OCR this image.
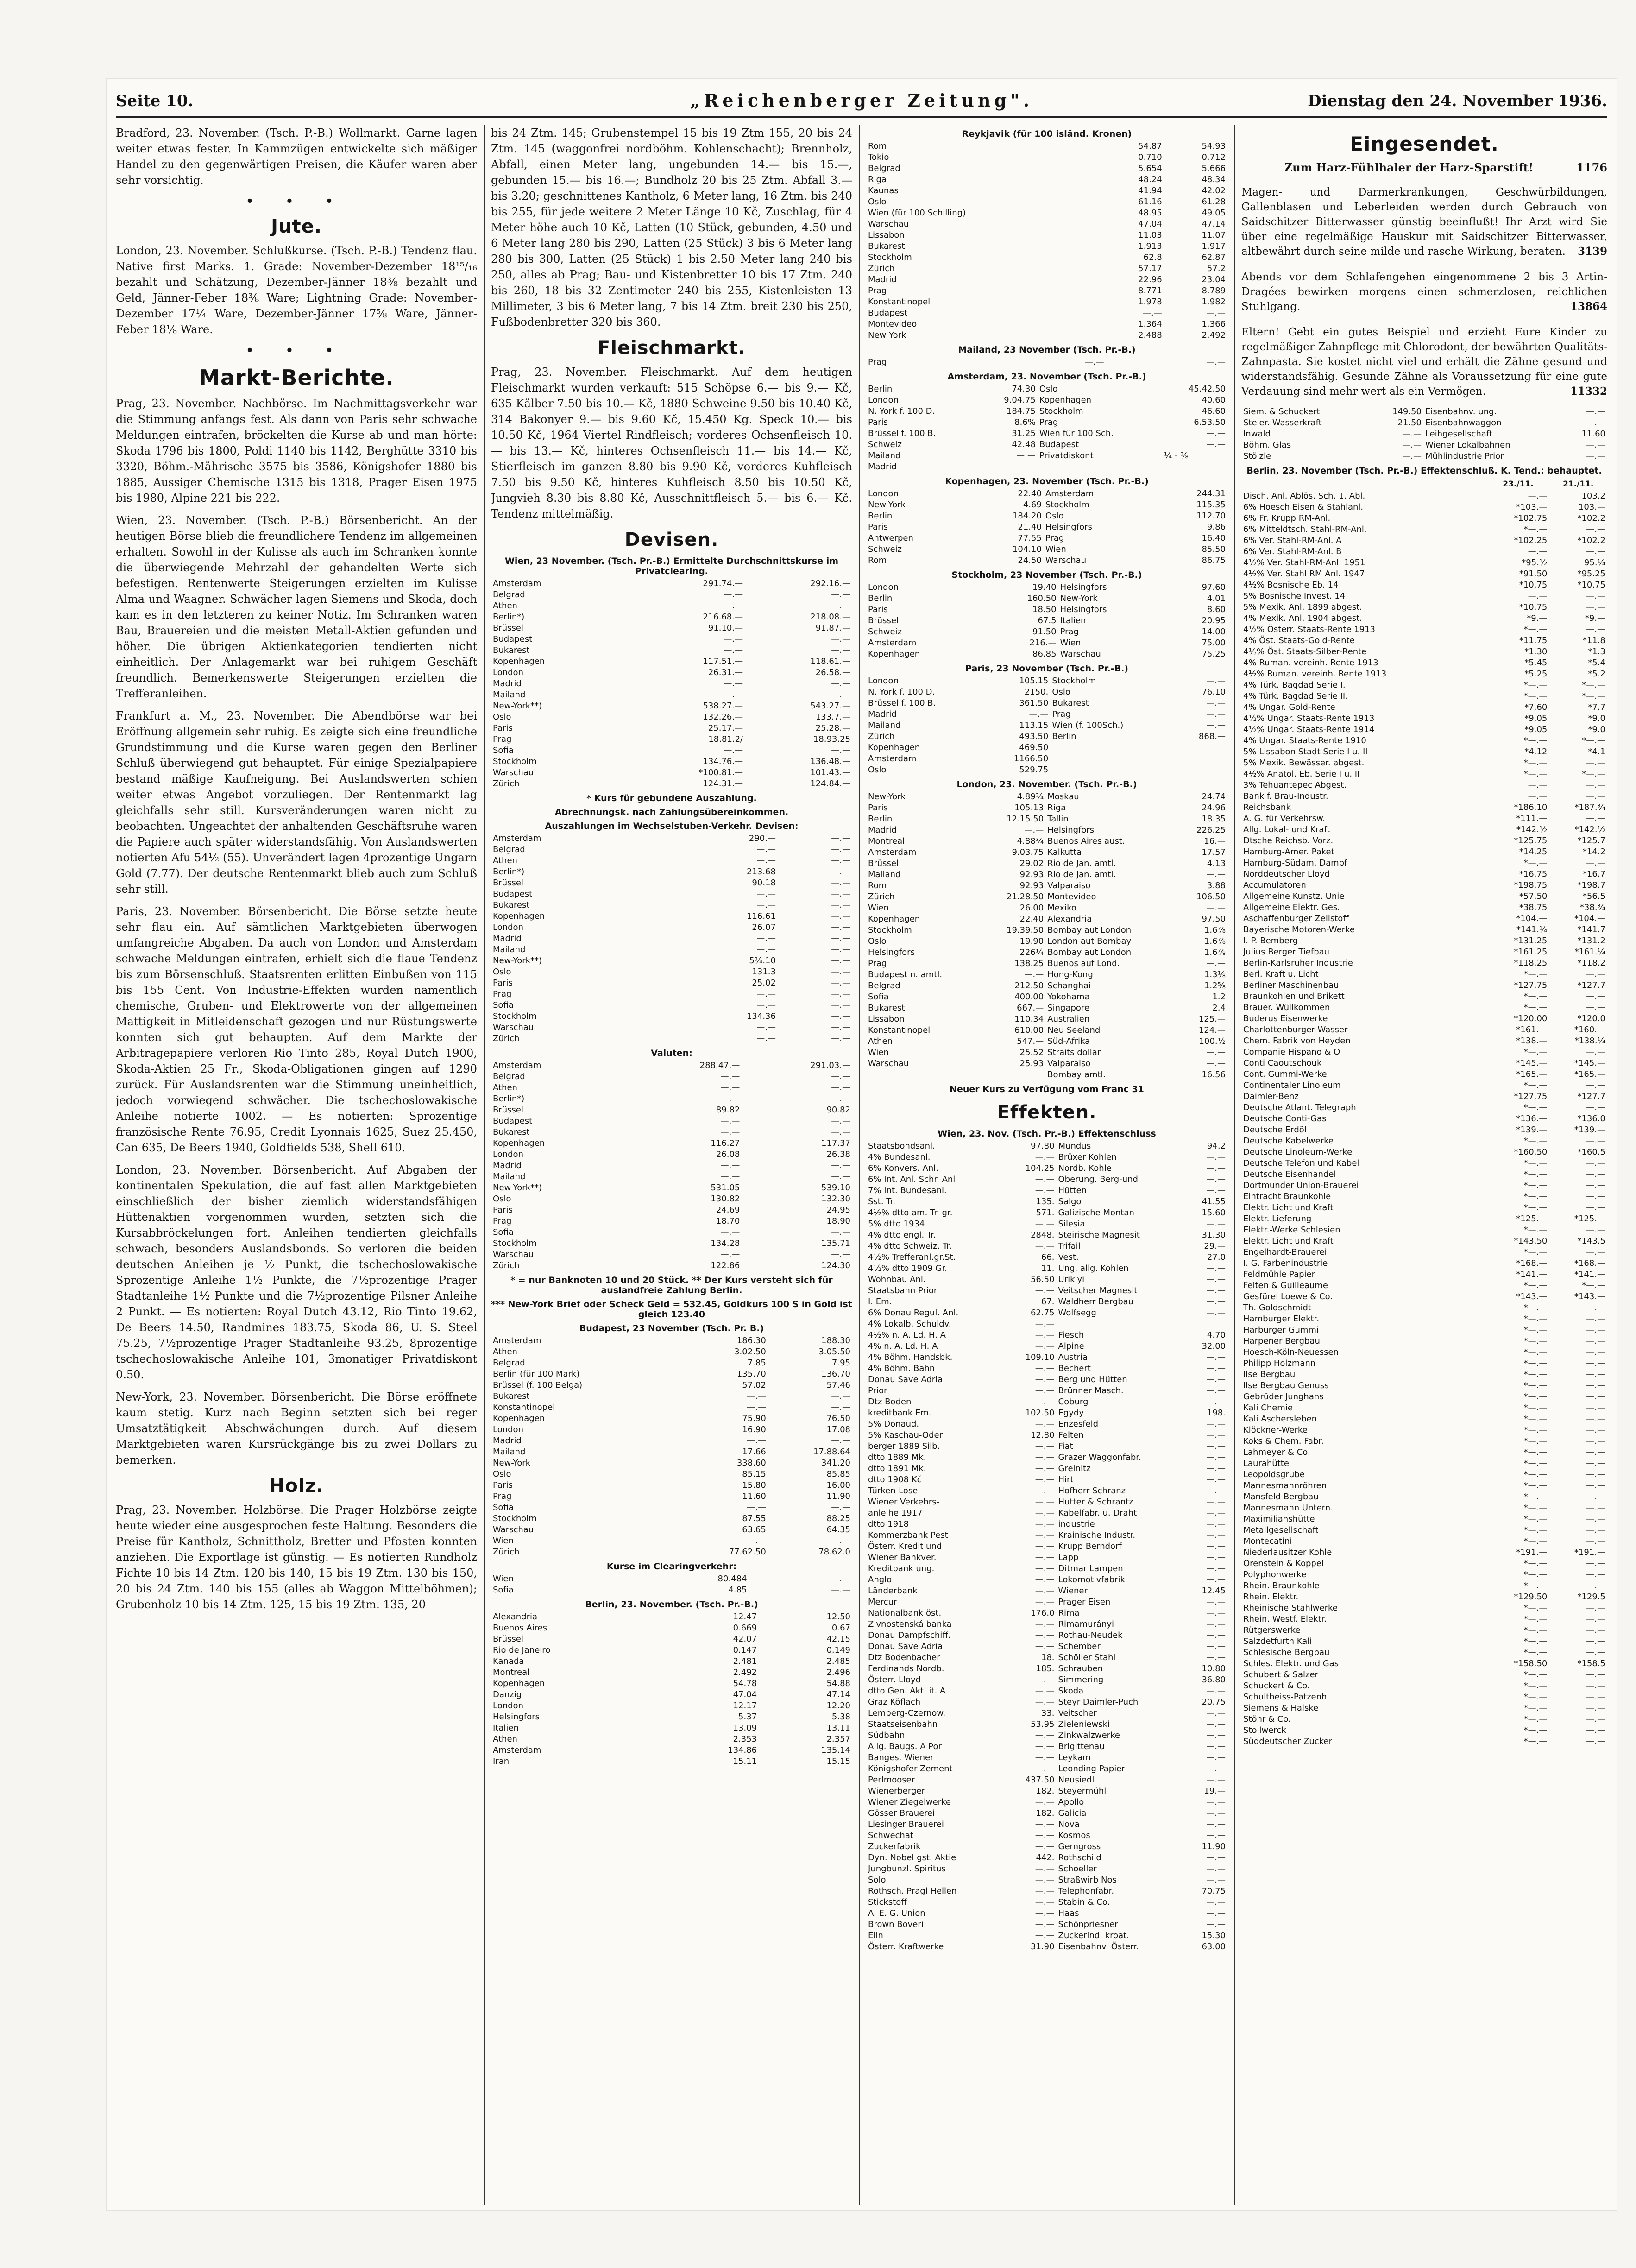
Seite 10.	„Reichenberger Zeitung".	Dienstag den 24. November 1936.

Bradford, 23. November. (Tsch. P.-B.) Wollmarkt. Garne lagen weiter etwas fester. In Kammzügen entwickelte sich mäßiger Handel zu den gegenwärtigen Preisen, die Käufer waren aber sehr vorsichtig.

• • •
Jute.

London, 23. November. Schlußkurse. (Tsch. P.-B.) Tendenz flau. Native first Marks. 1. Grade: November-Dezember 18¹⁵/₁₆ bezahlt und Schätzung, Dezember-Jänner 18⅜ bezahlt und Geld, Jänner-Feber 18⅜ Ware; Lightning Grade: November-Dezember 17¼ Ware, Dezember-Jänner 17⅝ Ware, Jänner-Feber 18⅛ Ware.

• • •
Markt-Berichte.

Prag, 23. November. Nachbörse. Im Nachmittagsverkehr war die Stimmung anfangs fest. Als dann von Paris sehr schwache Meldungen eintrafen, bröckelten die Kurse ab und man hörte: Skoda 1796 bis 1800, Poldi 1140 bis 1142, Berghütte 3310 bis 3320, Böhm.-Mährische 3575 bis 3586, Königshofer 1880 bis 1885, Aussiger Chemische 1315 bis 1318, Prager Eisen 1975 bis 1980, Alpine 221 bis 222.

Wien, 23. November. (Tsch. P.-B.) Börsenbericht. An der heutigen Börse blieb die freundlichere Tendenz im allgemeinen erhalten. Sowohl in der Kulisse als auch im Schranken konnte die überwiegende Mehrzahl der gehandelten Werte sich befestigen. Rentenwerte Steigerungen erzielten im Kulisse Alma und Waagner. Schwächer lagen Siemens und Skoda, doch kam es in den letzteren zu keiner Notiz. Im Schranken waren Bau, Brauereien und die meisten Metall-Aktien gefunden und höher. Die übrigen Aktienkategorien tendierten nicht einheitlich. Der Anlagemarkt war bei ruhigem Geschäft freundlich. Bemerkenswerte Steigerungen erzielten die Trefferanleihen.

Frankfurt a. M., 23. November. Die Abendbörse war bei Eröffnung allgemein sehr ruhig. Es zeigte sich eine freundliche Grundstimmung und die Kurse waren gegen den Berliner Schluß überwiegend gut behauptet. Für einige Spezialpapiere bestand mäßige Kaufneigung. Bei Auslandswerten schien weiter etwas Angebot vorzuliegen. Der Rentenmarkt lag gleichfalls sehr still. Kursveränderungen waren nicht zu beobachten. Ungeachtet der anhaltenden Geschäftsruhe waren die Papiere auch später widerstandsfähig. Von Auslandswerten notierten Afu 54½ (55). Unverändert lagen 4prozentige Ungarn Gold (7.77). Der deutsche Rentenmarkt blieb auch zum Schluß sehr still.

Paris, 23. November. Börsenbericht. Die Börse setzte heute sehr flau ein. Auf sämtlichen Marktgebieten überwogen umfangreiche Abgaben. Da auch von London und Amsterdam schwache Meldungen eintrafen, erhielt sich die flaue Tendenz bis zum Börsenschluß. Staatsrenten erlitten Einbußen von 115 bis 155 Cent. Von Industrie-Effekten wurden namentlich chemische, Gruben- und Elektrowerte von der allgemeinen Mattigkeit in Mitleidenschaft gezogen und nur Rüstungswerte konnten sich gut behaupten. Auf dem Markte der Arbitragepapiere verloren Rio Tinto 285, Royal Dutch 1900, Skoda-Aktien 25 Fr., Skoda-Obligationen gingen auf 1290 zurück. Für Auslandsrenten war die Stimmung uneinheitlich, jedoch vorwiegend schwächer. Die tschechoslowakische Anleihe notierte 1002. — Es notierten: Sprozentige französische Rente 76.95, Credit Lyonnais 1625, Suez 25.450, Can 635, De Beers 1940, Goldfields 538, Shell 610.

London, 23. November. Börsenbericht. Auf Abgaben der kontinentalen Spekulation, die auf fast allen Marktgebieten einschließlich der bisher ziemlich widerstandsfähigen Hüttenaktien vorgenommen wurden, setzten sich die Kursabbröckelungen fort. Anleihen tendierten gleichfalls schwach, besonders Auslandsbonds. So verloren die beiden deutschen Anleihen je ½ Punkt, die tschechoslowakische Sprozentige Anleihe 1½ Punkte, die 7½prozentige Prager Stadtanleihe 1½ Punkte und die 7½prozentige Pilsner Anleihe 2 Punkt. — Es notierten: Royal Dutch 43.12, Rio Tinto 19.62, De Beers 14.50, Randmines 183.75, Skoda 86, U. S. Steel 75.25, 7½prozentige Prager Stadtanleihe 93.25, 8prozentige tschechoslowakische Anleihe 101, 3monatiger Privatdiskont 0.50.

New-York, 23. November. Börsenbericht. Die Börse eröffnete kaum stetig. Kurz nach Beginn setzten sich bei reger Umsatztätigkeit Abschwächungen durch. Auf diesem Marktgebieten waren Kursrückgänge bis zu zwei Dollars zu bemerken.

Holz.

Prag, 23. November. Holzbörse. Die Prager Holzbörse zeigte heute wieder eine ausgesprochen feste Haltung. Besonders die Preise für Kantholz, Schnittholz, Bretter und Pfosten konnten anziehen. Die Exportlage ist günstig. — Es notierten Rundholz Fichte 10 bis 14 Ztm. 120 bis 140, 15 bis 19 Ztm. 130 bis 150, 20 bis 24 Ztm. 140 bis 155 (alles ab Waggon Mittelböhmen); Grubenholz 10 bis 14 Ztm. 125, 15 bis 19 Ztm. 135, 20

bis 24 Ztm. 145; Grubenstempel 15 bis 19 Ztm 155, 20 bis 24 Ztm. 145 (waggonfrei nordböhm. Kohlenschacht); Brennholz, Abfall, einen Meter lang, ungebunden 14.— bis 15.—, gebunden 15.— bis 16.—; Bundholz 20 bis 25 Ztm. Abfall 3.— bis 3.20; geschnittenes Kantholz, 6 Meter lang, 16 Ztm. bis 240 bis 255, für jede weitere 2 Meter Länge 10 Kč, Zuschlag, für 4 Meter höhe auch 10 Kč, Latten (10 Stück, gebunden, 4.50 und 6 Meter lang 280 bis 290, Latten (25 Stück) 3 bis 6 Meter lang 280 bis 300, Latten (25 Stück) 1 bis 2.50 Meter lang 240 bis 250, alles ab Prag; Bau- und Kistenbretter 10 bis 17 Ztm. 240 bis 260, 18 bis 32 Zentimeter 240 bis 255, Kistenleisten 13 Millimeter, 3 bis 6 Meter lang, 7 bis 14 Ztm. breit 230 bis 250, Fußbodenbretter 320 bis 360.

Fleischmarkt.

Prag, 23. November. Fleischmarkt. Auf dem heutigen Fleischmarkt wurden verkauft: 515 Schöpse 6.— bis 9.— Kč, 635 Kälber 7.50 bis 10.— Kč, 1880 Schweine 9.50 bis 10.40 Kč, 314 Bakonyer 9.— bis 9.60 Kč, 15.450 Kg. Speck 10.— bis 10.50 Kč, 1964 Viertel Rindfleisch; vorderes Ochsenfleisch 10.— bis 13.— Kč, hinteres Ochsenfleisch 11.— bis 14.— Kč, Stierfleisch im ganzen 8.80 bis 9.90 Kč, vorderes Kuhfleisch 7.50 bis 9.50 Kč, hinteres Kuhfleisch 8.50 bis 10.50 Kč, Jungvieh 8.30 bis 8.80 Kč, Ausschnittfleisch 5.— bis 6.— Kč. Tendenz mittelmäßig.

Devisen.
Wien, 23 November. (Tsch. Pr.-B.) Ermittelte Durchschnittskurse im Privatclearing.
Amsterdam	291.74.—	292.16.—
Belgrad	—.—	—.—
Athen	—.—	—.—
Berlin*)	216.68.—	218.08.—
Brüssel	91.10.—	91.87.—
Budapest	—.—	—.—
Bukarest	—.—	—.—
Kopenhagen	117.51.—	118.61.—
London	26.31.—	26.58.—
Madrid	—.—	—.—
Mailand	—.—	—.—
New-York**)	538.27.—	543.27.—
Oslo	132.26.—	133.7.—
Paris	25.17.—	25.28.—
Prag	18.81.2/	18.93.25
Sofia	—.—	—.—
Stockholm	134.76.—	136.48.—
Warschau	*100.81.—	101.43.—
Zürich	124.31.—	124.84.—
* Kurs für gebundene Auszahlung.
Abrechnungsk. nach Zahlungsübereinkommen.
Auszahlungen im Wechselstuben-Verkehr. Devisen:
Amsterdam	290.—	—.—
Belgrad	—.—	—.—
Athen	—.—	—.—
Berlin*)	213.68	—.—
Brüssel	90.18	—.—
Budapest	—.—	—.—
Bukarest	—.—	—.—
Kopenhagen	116.61	—.—
London	26.07	—.—
Madrid	—.—	—.—
Mailand	—.—	—.—
New-York**)	5¾.10	—.—
Oslo	131.3	—.—
Paris	25.02	—.—
Prag	—.—	—.—
Sofia	—.—	—.—
Stockholm	134.36	—.—
Warschau	—.—	—.—
Zürich	—.—	—.—
Valuten:
Amsterdam	288.47.—	291.03.—
Belgrad	—.—	—.—
Athen	—.—	—.—
Berlin*)	—.—	—.—
Brüssel	89.82	90.82
Budapest	—.—	—.—
Bukarest	—.—	—.—
Kopenhagen	116.27	117.37
London	26.08	26.38
Madrid	—.—	—.—
Mailand	—.—	—.—
New-York**)	531.05	539.10
Oslo	130.82	132.30
Paris	24.69	24.95
Prag	18.70	18.90
Sofia	—.—	—.—
Stockholm	134.28	135.71
Warschau	—.—	—.—
Zürich	122.86	124.30
* = nur Banknoten 10 und 20 Stück. ** Der Kurs versteht sich für auslandfreie Zahlung Berlin.
*** New-York Brief oder Scheck Geld = 532.45, Goldkurs 100 S in Gold ist gleich 123.40
Budapest, 23 November (Tsch. Pr. B.)
Amsterdam	186.30	188.30
Athen	3.02.50	3.05.50
Belgrad	7.85	7.95
Berlin (für 100 Mark)	135.70	136.70
Brüssel (f. 100 Belga)	57.02	57.46
Bukarest	—.—	—.—
Konstantinopel	—.—	—.—
Kopenhagen	75.90	76.50
London	16.90	17.08
Madrid	—.—	—.—
Mailand	17.66	17.88.64
New-York	338.60	341.20
Oslo	85.15	85.85
Paris	15.80	16.00
Prag	11.60	11.90
Sofia	—.—	—.—
Stockholm	87.55	88.25
Warschau	63.65	64.35
Wien	—.—	—.—
Zürich	77.62.50	78.62.0
Kurse im Clearingverkehr:
Wien	80.484	—.—
Sofia	4.85	—.—
Berlin, 23. November. (Tsch. Pr.-B.)
Alexandria	12.47	12.50
Buenos Aires	0.669	0.67
Brüssel	42.07	42.15
Rio de Janeiro	0.147	0.149
Kanada	2.481	2.485
Montreal	2.492	2.496
Kopenhagen	54.78	54.88
Danzig	47.04	47.14
London	12.17	12.20
Helsingfors	5.37	5.38
Italien	13.09	13.11
Athen	2.353	2.357
Amsterdam	134.86	135.14
Iran	15.11	15.15
Reykjavik (für 100 isländ. Kronen)
Rom	54.87	54.93
Tokio	0.710	0.712
Belgrad	5.654	5.666
Riga	48.24	48.34
Kaunas	41.94	42.02
Oslo	61.16	61.28
Wien (für 100 Schilling)	48.95	49.05
Warschau	47.04	47.14
Lissabon	11.03	11.07
Bukarest	1.913	1.917
Stockholm	62.8	62.87
Zürich	57.17	57.2
Madrid	22.96	23.04
Prag	8.771	8.789
Konstantinopel	1.978	1.982
Budapest	—.—	—.—
Montevideo	1.364	1.366
New York	2.488	2.492
Mailand, 23 November (Tsch. Pr.-B.)
Prag	—.—	—.—
Amsterdam, 23. November (Tsch. Pr.-B.)
Berlin	74.30	Oslo	45.42.50
London	9.04.75	Kopenhagen	40.60
N. York f. 100 D.	184.75	Stockholm	46.60
Paris	8.6%	Prag	6.53.50
Brüssel f. 100 B.	31.25	Wien für 100 Sch.	—.—
Schweiz	42.48	Budapest	—.—
Mailand	—.—	Privatdiskont	¼ - ⅜
Madrid	—.—		
Kopenhagen, 23. November (Tsch. Pr.-B.)
London	22.40	Amsterdam	244.31
New-York	4.69	Stockholm	115.35
Berlin	184.20	Oslo	112.70
Paris	21.40	Helsingfors	9.86
Antwerpen	77.55	Prag	16.40
Schweiz	104.10	Wien	85.50
Rom	24.50	Warschau	86.75
Stockholm, 23 November (Tsch. Pr.-B.)
London	19.40	Helsingfors	97.60
Berlin	160.50	New-York	4.01
Paris	18.50	Helsingfors	8.60
Brüssel	67.5	Italien	20.95
Schweiz	91.50	Prag	14.00
Amsterdam	216.—	Wien	75.00
Kopenhagen	86.85	Warschau	75.25
Paris, 23 November (Tsch. Pr.-B.)
London	105.15	Stockholm	—.—
N. York f. 100 D.	2150.	Oslo	76.10
Brüssel f. 100 B.	361.50	Bukarest	—.—
Madrid	—.—	Prag	—.—
Mailand	113.15	Wien (f. 100Sch.)	—.—
Zürich	493.50	Berlin	868.—
Kopenhagen	469.50		
Amsterdam	1166.50		
Oslo	529.75		
London, 23. November. (Tsch. Pr.-B.)
New-York	4.89¾	Moskau	24.74
Paris	105.13	Riga	24.96
Berlin	12.15.50	Tallin	18.35
Madrid	—.—	Helsingfors	226.25
Montreal	4.88¾	Buenos Aires aust.	16.—
Amsterdam	9.03.75	Kalkutta	17.57
Brüssel	29.02	Rio de Jan. amtl.	4.13
Mailand	92.93	Rio de Jan. amtl.	—.—
Rom	92.93	Valparaiso	3.88
Zürich	21.28.50	Montevideo	106.50
Wien	26.00	Mexiko	—.—
Kopenhagen	22.40	Alexandria	97.50
Stockholm	19.39.50	Bombay aut London	1.6⅞
Oslo	19.90	London aut Bombay	1.6⅞
Helsingfors	226¼	Bombay aut London	1.6⅞
Prag	138.25	Buenos auf Lond.	—.—
Budapest n. amtl.	—.—	Hong-Kong	1.3⅛
Belgrad	212.50	Schanghai	1.2⅝
Sofia	400.00	Yokohama	1.2
Bukarest	667.—	Singapore	2.4
Lissabon	110.34	Australien	125.—
Konstantinopel	610.00	Neu Seeland	124.—
Athen	547.—	Süd-Afrika	100.½
Wien	25.52	Straits dollar	—.—
Warschau	25.93	Valparaiso	—.—
		Bombay amtl.	16.56
Neuer Kurs zu Verfügung vom Franc 31
Effekten.
Wien, 23. Nov. (Tsch. Pr.-B.) Effektenschluss
Staatsbondsanl.	97.80	Mundus	94.2
4% Bundesanl.	—.—	Brüxer Kohlen	—.—
6% Konvers. Anl.	104.25	Nordb. Kohle	—.—
6% Int. Anl. Schr. Anl	—.—	Oberung. Berg-und	—.—
7% Int. Bundesanl.	—.—	Hütten	—.—
Sst. Tr.	135.	Salgo	41.55
4½% dtto am. Tr. gr.	571.	Galizische Montan	15.60
5% dtto 1934	—.—	Silesia	—.—
4% dtto engl. Tr.	2848.	Steirische Magnesit	31.30
4% dtto Schweiz. Tr.	—.—	Trifail	29.—
4½% Trefferanl.gr.St.	66.	Vest.	27.0
4½% dtto 1909 Gr.	11.	Ung. allg. Kohlen	—.—
Wohnbau Anl.	56.50	Urikiyi	—.—
Staatsbahn Prior	—.—	Veitscher Magnesit	—.—
I. Em.	67.	Waldherr Bergbau	—.—
6% Donau Regul. Anl.	62.75	Wolfsegg	—.—
4% Lokalb. Schuldv.	—.—		
4½% n. A. Ld. H. A	—.—	Fiesch	4.70
4% n. A. Ld. H. A	—.—	Alpine	32.00
4% Böhm. Handsbk.	109.10	Austria	—.—
4% Böhm. Bahn	—.—	Bechert	—.—
Donau Save Adria	—.—	Berg und Hütten	—.—
Prior	—.—	Brünner Masch.	—.—
Dtz Boden-	—.—	Coburg	—.—
kreditbank Em.	102.50	Egydy	198.
5% Donaud.	—.—	Enzesfeld	—.—
5% Kaschau-Oder	12.80	Felten	—.—
berger 1889 Silb.	—.—	Fiat	—.—
dtto 1889 Mk.	—.—	Grazer Waggonfabr.	—.—
dtto 1891 Mk.	—.—	Greinitz	—.—
dtto 1908 Kč	—.—	Hirt	—.—
Türken-Lose	—.—	Hofherr Schranz	—.—
Wiener Verkehrs-	—.—	Hutter & Schrantz	—.—
anleihe 1917	—.—	Kabelfabr. u. Draht	—.—
dtto 1918	—.—	industrie	—.—
Kommerzbank Pest	—.—	Krainische Industr.	—.—
Österr. Kredit und	—.—	Krupp Berndorf	—.—
Wiener Bankver.	—.—	Lapp	—.—
Kreditbank ung.	—.—	Ditmar Lampen	—.—
Anglo	—.—	Lokomotivfabrik	—.—
Länderbank	—.—	Wiener	12.45
Mercur	—.—	Prager Eisen	—.—
Nationalbank öst.	176.0	Rima	—.—
Zivnostenská banka	—.—	Rimamurányi	—.—
Donau Dampfschiff.	—.—	Rothau-Neudek	—.—
Donau Save Adria	—.—	Schember	—.—
Dtz Bodenbacher	18.	Schöller Stahl	—.—
Ferdinands Nordb.	185.	Schrauben	10.80
Österr. Lloyd	—.—	Simmering	36.80
dtto Gen. Akt. it. A	—.—	Skoda	—.—
Graz Köflach	—.—	Steyr Daimler-Puch	20.75
Lemberg-Czernow.	33.	Veitscher	—.—
Staatseisenbahn	53.95	Zieleniewski	—.—
Südbahn	—.—	Zinkwalzwerke	—.—
Allg. Baugs. A Por	—.—	Brigittenau	—.—
Banges. Wiener	—.—	Leykam	—.—
Königshofer Zement	—.—	Leonding Papier	—.—
Perlmooser	437.50	Neusiedl	—.—
Wienerberger	182.	Steyermühl	19.—
Wiener Ziegelwerke	—.—	Apollo	—.—
Gösser Brauerei	182.	Galicia	—.—
Liesinger Brauerei	—.—	Nova	—.—
Schwechat	—.—	Kosmos	—.—
Zuckerfabrik	—.—	Gerngross	11.90
Dyn. Nobel gst. Aktie	442.	Rothschild	—.—
Jungbunzl. Spiritus	—.—	Schoeller	—.—
Solo	—.—	Straßwirb Nos	—.—
Rothsch. Pragl Hellen	—.—	Telephonfabr.	70.75
Stickstoff	—.—	Stabin & Co.	—.—
A. E. G. Union	—.—	Haas	—.—
Brown Boveri	—.—	Schönpriesner	—.—
Elin	—.—	Zuckerind. kroat.	15.30
Österr. Kraftwerke	31.90	Eisenbahnv. Österr.	63.00
Eingesendet.
Zum Harz-Fühlhaler der Harz-Sparstift!	1176

Magen- und Darmerkrankungen, Geschwürbildungen, Gallenblasen und Leberleiden werden durch Gebrauch von Saidschitzer Bitterwasser günstig beeinflußt! Ihr Arzt wird Sie über eine regelmäßige Hauskur mit Saidschitzer Bitterwasser, altbewährt durch seine milde und rasche Wirkung, beraten. 3139

Abends vor dem Schlafengehen eingenommene 2 bis 3 Artin-Dragées bewirken morgens einen schmerzlosen, reichlichen Stuhlgang.	13864

Eltern! Gebt ein gutes Beispiel und erzieht Eure Kinder zu regelmäßiger Zahnpflege mit Chlorodont, der bewährten Qualitäts-Zahnpasta. Sie kostet nicht viel und erhält die Zähne gesund und widerstandsfähig. Gesunde Zähne als Voraussetzung für eine gute Verdauung sind mehr wert als ein Vermögen.	11332

Siem. & Schuckert	149.50	Eisenbahnv. ung.	—.—
Steier. Wasserkraft	21.50	Eisenbahnwaggon-	—.—
Inwald	—.—	Leihgesellschaft	11.60
Böhm. Glas	—.—	Wiener Lokalbahnen	—.—
Stölzle	—.—	Mühlindustrie Prior	—.—
Berlin, 23. November (Tsch. Pr.-B.) Effektenschluß. K. Tend.: behauptet.
	23./11.	21./11.
Disch. Anl. Ablös. Sch. 1. Abl.	—.—	103.2
6% Hoesch Eisen & Stahlanl.	*103.—	103.—
6% Fr. Krupp RM-Anl.	*102.75	*102.2
6% Mitteldtsch. Stahl-RM-Anl.	*—.—	—.—
6% Ver. Stahl-RM-Anl. A	*102.25	*102.2
6% Ver. Stahl-RM-Anl. B	—.—	—.—
4½% Ver. Stahl-RM-Anl. 1951	*95.½	95.¼
4½% Ver. Stahl RM Anl. 1947	*91.50	*95.25
4½% Bosnische Eb. 14	*10.75	*10.75
5% Bosnische Invest. 14	—.—	—.—
5% Mexik. Anl. 1899 abgest.	*10.75	—.—
4% Mexik. Anl. 1904 abgest.	*9.—	*9.—
4½% Österr. Staats-Rente 1913	*—.—	—.—
4% Öst. Staats-Gold-Rente	*11.75	*11.8
4⅕% Öst. Staats-Silber-Rente	*1.30	*1.3
4% Ruman. vereinh. Rente 1913	*5.45	*5.4
4½% Ruman. vereinh. Rente 1913	*5.25	*5.2
4% Türk. Bagdad Serie I.	*—.—	*—.—
4% Türk. Bagdad Serie II.	*—.—	*—.—
4% Ungar. Gold-Rente	*7.60	*7.7
4½% Ungar. Staats-Rente 1913	*9.05	*9.0
4½% Ungar. Staats-Rente 1914	*9.05	*9.0
4% Ungar. Staats-Rente 1910	*—.—	*—.—
5% Lissabon Stadt Serie I u. II	*4.12	*4.1
5% Mexik. Bewässer. abgest.	*—.—	—.—
4½% Anatol. Eb. Serie I u. II	*—.—	*—.—
3% Tehuantepec Abgest.	—.—	—.—
Bank f. Brau-Industr.	—.—	—.—
Reichsbank	*186.10	*187.¾
A. G. für Verkehrsw.	*111.—	—.—
Allg. Lokal- und Kraft	*142.½	*142.½
Dtsche Reichsb. Vorz.	*125.75	*125.7
Hamburg-Amer. Paket	*14.25	*14.2
Hamburg-Südam. Dampf	*—.—	—.—
Norddeutscher Lloyd	*16.75	*16.7
Accumulatoren	*198.75	*198.7
Allgemeine Kunstz. Unie	*57.50	*56.5
Allgemeine Elektr. Ges.	*38.75	*38.¾
Aschaffenburger Zellstoff	*104.—	*104.—
Bayerische Motoren-Werke	*141.¼	*141.7
I. P. Bemberg	*131.25	*131.2
Julius Berger Tiefbau	*161.25	*161.¼
Berlin-Karlsruher Industrie	*118.25	*118.2
Berl. Kraft u. Licht	*—.—	—.—
Berliner Maschinenbau	*127.75	*127.7
Braunkohlen und Brikett	*—.—	—.—
Brauer. Wüllkommen	*—.—	—.—
Buderus Eisenwerke	*120.00	*120.0
Charlottenburger Wasser	*161.—	*160.—
Chem. Fabrik von Heyden	*138.—	*138.¼
Companie Hispano & O	*—.—	—.—
Conti Caoutschouk	*145.—	*145.—
Cont. Gummi-Werke	*165.—	*165.—
Continentaler Linoleum	*—.—	—.—
Daimler-Benz	*127.75	*127.7
Deutsche Atlant. Telegraph	*—.—	—.—
Deutsche Conti-Gas	*136.—	*136.0
Deutsche Erdöl	*139.—	*139.—
Deutsche Kabelwerke	*—.—	—.—
Deutsche Linoleum-Werke	*160.50	*160.5
Deutsche Telefon und Kabel	*—.—	—.—
Deutsche Eisenhandel	*—.—	—.—
Dortmunder Union-Brauerei	*—.—	—.—
Eintracht Braunkohle	*—.—	—.—
Elektr. Licht und Kraft	*—.—	—.—
Elektr. Lieferung	*125.—	*125.—
Elektr.-Werke Schlesien	*—.—	—.—
Elektr. Licht und Kraft	*143.50	*143.5
Engelhardt-Brauerei	*—.—	—.—
I. G. Farbenindustrie	*168.—	*168.—
Feldmühle Papier	*141.—	*141.—
Felten & Guilleaume	*—.—	*—.—
Gesfürel Loewe & Co.	*143.—	*143.—
Th. Goldschmidt	*—.—	—.—
Hamburger Elektr.	*—.—	—.—
Harburger Gummi	*—.—	—.—
Harpener Bergbau	*—.—	—.—
Hoesch-Köln-Neuessen	*—.—	—.—
Philipp Holzmann	*—.—	—.—
Ilse Bergbau	*—.—	—.—
Ilse Bergbau Genuss	*—.—	—.—
Gebrüder Junghans	*—.—	—.—
Kali Chemie	*—.—	—.—
Kali Aschersleben	*—.—	—.—
Klöckner-Werke	*—.—	—.—
Koks & Chem. Fabr.	*—.—	—.—
Lahmeyer & Co.	*—.—	—.—
Laurahütte	*—.—	—.—
Leopoldsgrube	*—.—	—.—
Mannesmannröhren	*—.—	—.—
Mansfeld Bergbau	*—.—	—.—
Mannesmann Untern.	*—.—	—.—
Maximilianshütte	*—.—	—.—
Metallgesellschaft	*—.—	—.—
Montecatini	*—.—	—.—
Niederlausitzer Kohle	*191.—	*191.—
Orenstein & Koppel	*—.—	—.—
Polyphonwerke	*—.—	—.—
Rhein. Braunkohle	*—.—	—.—
Rhein. Elektr.	*129.50	*129.5
Rheinische Stahlwerke	*—.—	—.—
Rhein. Westf. Elektr.	*—.—	—.—
Rütgerswerke	*—.—	—.—
Salzdetfurth Kali	*—.—	—.—
Schlesische Bergbau	*—.—	—.—
Schles. Elektr. und Gas	*158.50	*158.5
Schubert & Salzer	*—.—	—.—
Schuckert & Co.	*—.—	—.—
Schultheiss-Patzenh.	*—.—	—.—
Siemens & Halske	*—.—	—.—
Stöhr & Co.	*—.—	—.—
Stollwerck	*—.—	—.—
Süddeutscher Zucker	*—.—	—.—
